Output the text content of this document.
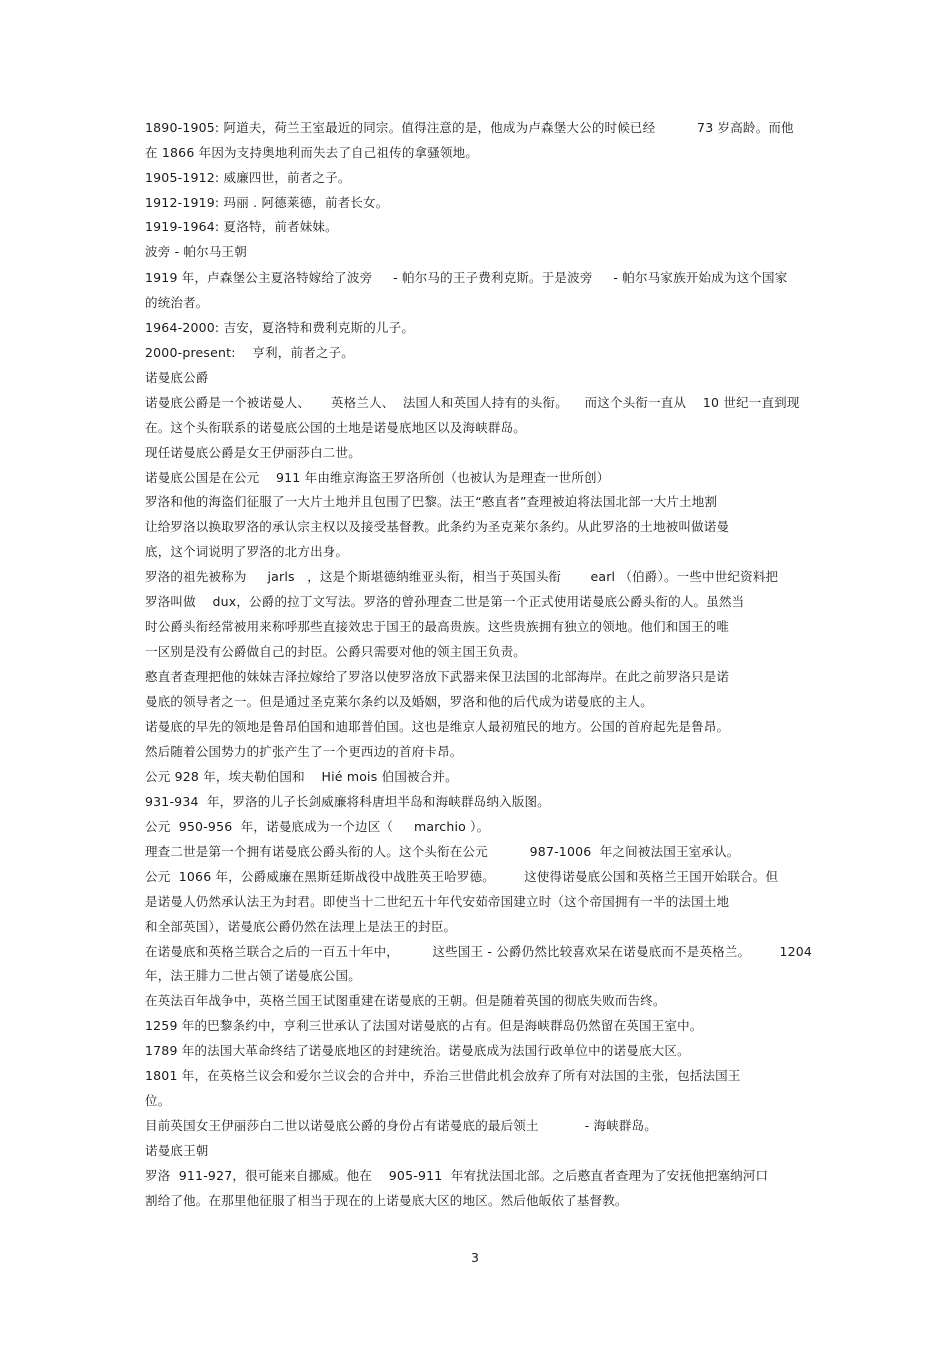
1890-1905: 阿道夫，荷兰王室最近的同宗。值得注意的是，他成为卢森堡大公的时候已经          73 岁高龄。而他
在 1866 年因为支持奥地利而失去了自己祖传的拿骚领地。
1905-1912: 威廉四世，前者之子。
1912-1919: 玛丽 . 阿德莱德，前者长女。
1919-1964: 夏洛特，前者妹妹。
波旁 - 帕尔马王朝
1919 年，卢森堡公主夏洛特嫁给了波旁     - 帕尔马的王子费利克斯。于是波旁     - 帕尔马家族开始成为这个国家
的统治者。
1964-2000: 吉安，夏洛特和费利克斯的儿子。
2000-present:    亨利，前者之子。
诺曼底公爵
诺曼底公爵是一个被诺曼人、     英格兰人、  法国人和英国人持有的头衔。    而这个头衔一直从    10 世纪一直到现
在。这个头衔联系的诺曼底公国的土地是诺曼底地区以及海峡群岛。
现任诺曼底公爵是女王伊丽莎白二世。
诺曼底公国是在公元    911 年由维京海盗王罗洛所创（也被认为是理查一世所创）
罗洛和他的海盗们征服了一大片土地并且包围了巴黎。法王“憨直者”查理被迫将法国北部一大片土地割
让给罗洛以换取罗洛的承认宗主权以及接受基督教。此条约为圣克莱尔条约。从此罗洛的土地被叫做诺曼
底，这个词说明了罗洛的北方出身。
罗洛的祖先被称为     jarls   ，这是个斯堪德纳维亚头衔，相当于英国头衔       earl （伯爵）。一些中世纪资料把
罗洛叫做    dux，公爵的拉丁文写法。罗洛的曾孙理查二世是第一个正式使用诺曼底公爵头衔的人。虽然当
时公爵头衔经常被用来称呼那些直接效忠于国王的最高贵族。这些贵族拥有独立的领地。他们和国王的唯
一区别是没有公爵做自己的封臣。公爵只需要对他的领主国王负责。
憨直者查理把他的妹妹吉泽拉嫁给了罗洛以使罗洛放下武器来保卫法国的北部海岸。在此之前罗洛只是诺
曼底的领导者之一。但是通过圣克莱尔条约以及婚姻，罗洛和他的后代成为诺曼底的主人。
诺曼底的早先的领地是鲁昂伯国和迪耶普伯国。这也是维京人最初殖民的地方。公国的首府起先是鲁昂。
然后随着公国势力的扩张产生了一个更西边的首府卡昂。
公元 928 年，埃夫勒伯国和    Hié mois 伯国被合并。
931-934  年，罗洛的儿子长剑威廉将科唐坦半岛和海峡群岛纳入版图。
公元  950-956  年，诺曼底成为一个边区（     marchio ）。
理查二世是第一个拥有诺曼底公爵头衔的人。这个头衔在公元          987-1006  年之间被法国王室承认。
公元  1066 年，公爵威廉在黑斯廷斯战役中战胜英王哈罗德。       这使得诺曼底公国和英格兰王国开始联合。但
是诺曼人仍然承认法王为封君。即使当十二世纪五十年代安茹帝国建立时（这个帝国拥有一半的法国土地
和全部英国），诺曼底公爵仍然在法理上是法王的封臣。
在诺曼底和英格兰联合之后的一百五十年中，        这些国王 - 公爵仍然比较喜欢呆在诺曼底而不是英格兰。       1204
年，法王腓力二世占领了诺曼底公国。
在英法百年战争中，英格兰国王试图重建在诺曼底的王朝。但是随着英国的彻底失败而告终。
1259 年的巴黎条约中，亨利三世承认了法国对诺曼底的占有。但是海峡群岛仍然留在英国王室中。
1789 年的法国大革命终结了诺曼底地区的封建统治。诺曼底成为法国行政单位中的诺曼底大区。
1801 年，在英格兰议会和爱尔兰议会的合并中，乔治三世借此机会放弃了所有对法国的主张，包括法国王
位。
目前英国女王伊丽莎白二世以诺曼底公爵的身份占有诺曼底的最后领土           - 海峡群岛。
诺曼底王朝
罗洛  911-927，很可能来自挪威。他在    905-911  年宥扰法国北部。之后憨直者查理为了安抚他把塞纳河口
割给了他。在那里他征服了相当于现在的上诺曼底大区的地区。然后他皈依了基督教。
3
